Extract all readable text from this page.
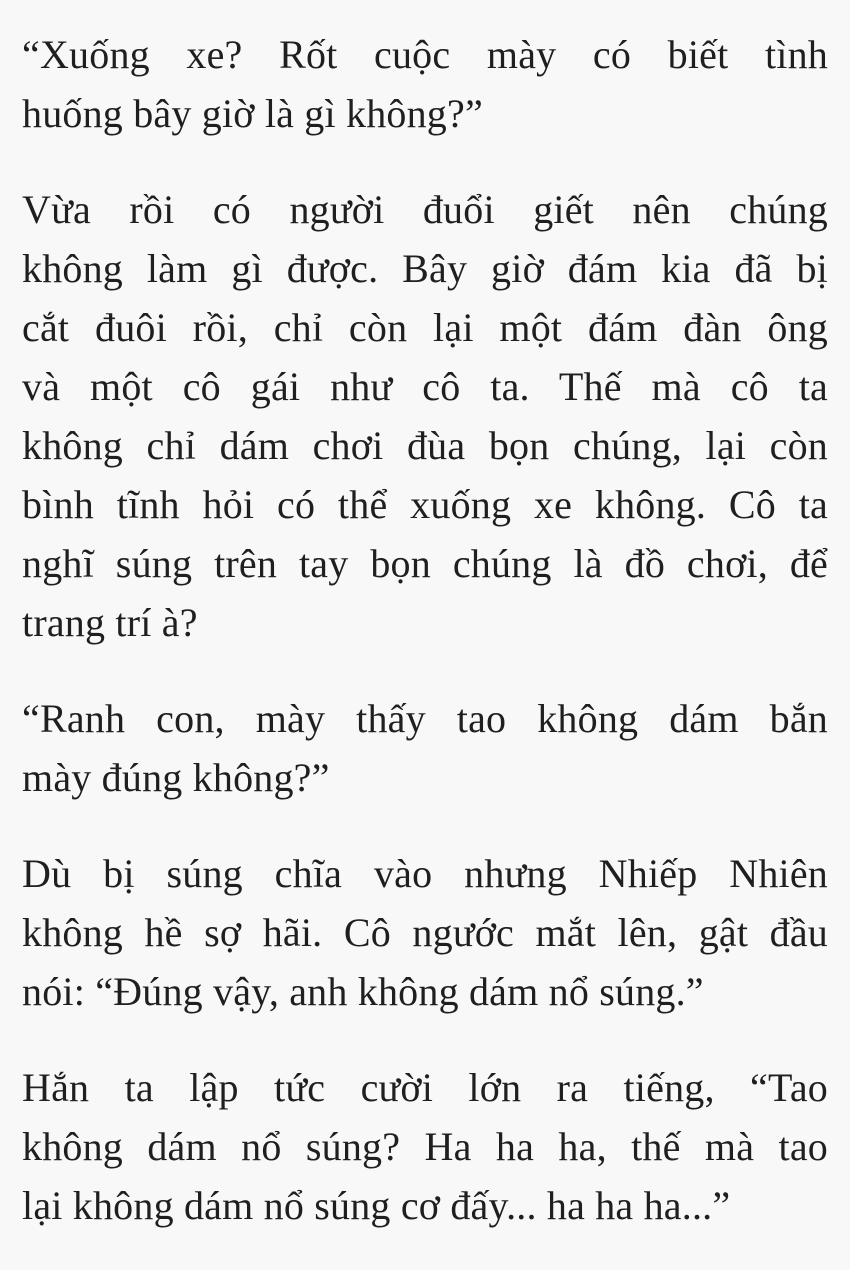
“Xuống xe? Rốt cuộc mày có biết tình
huống bây giờ là gì không?”
Vừa rồi có người đuổi giết nên chúng
không làm gì được. Bây giờ đám kia đã bị
cắt đuôi rồi, chỉ còn lại một đám đàn ông
và một cô gái như cô ta. Thế mà cô ta
không chỉ dám chơi đùa bọn chúng, lại còn
bình tĩnh hỏi có thể xuống xe không. Cô ta
nghĩ súng trên tay bọn chúng là đồ chơi, để
trang trí à?
“Ranh con, mày thấy tao không dám bắn
mày đúng không?”
Dù bị súng chĩa vào nhưng Nhiếp Nhiên
không hề sợ hãi. Cô ngước mắt lên, gật đầu
nói: “Đúng vậy, anh không dám nổ súng.”
Hắn ta lập tức cười lớn ra tiếng, “Tao
không dám nổ súng? Ha ha ha, thế mà tao
lại không dám nổ súng cơ đấy... ha ha ha...”
